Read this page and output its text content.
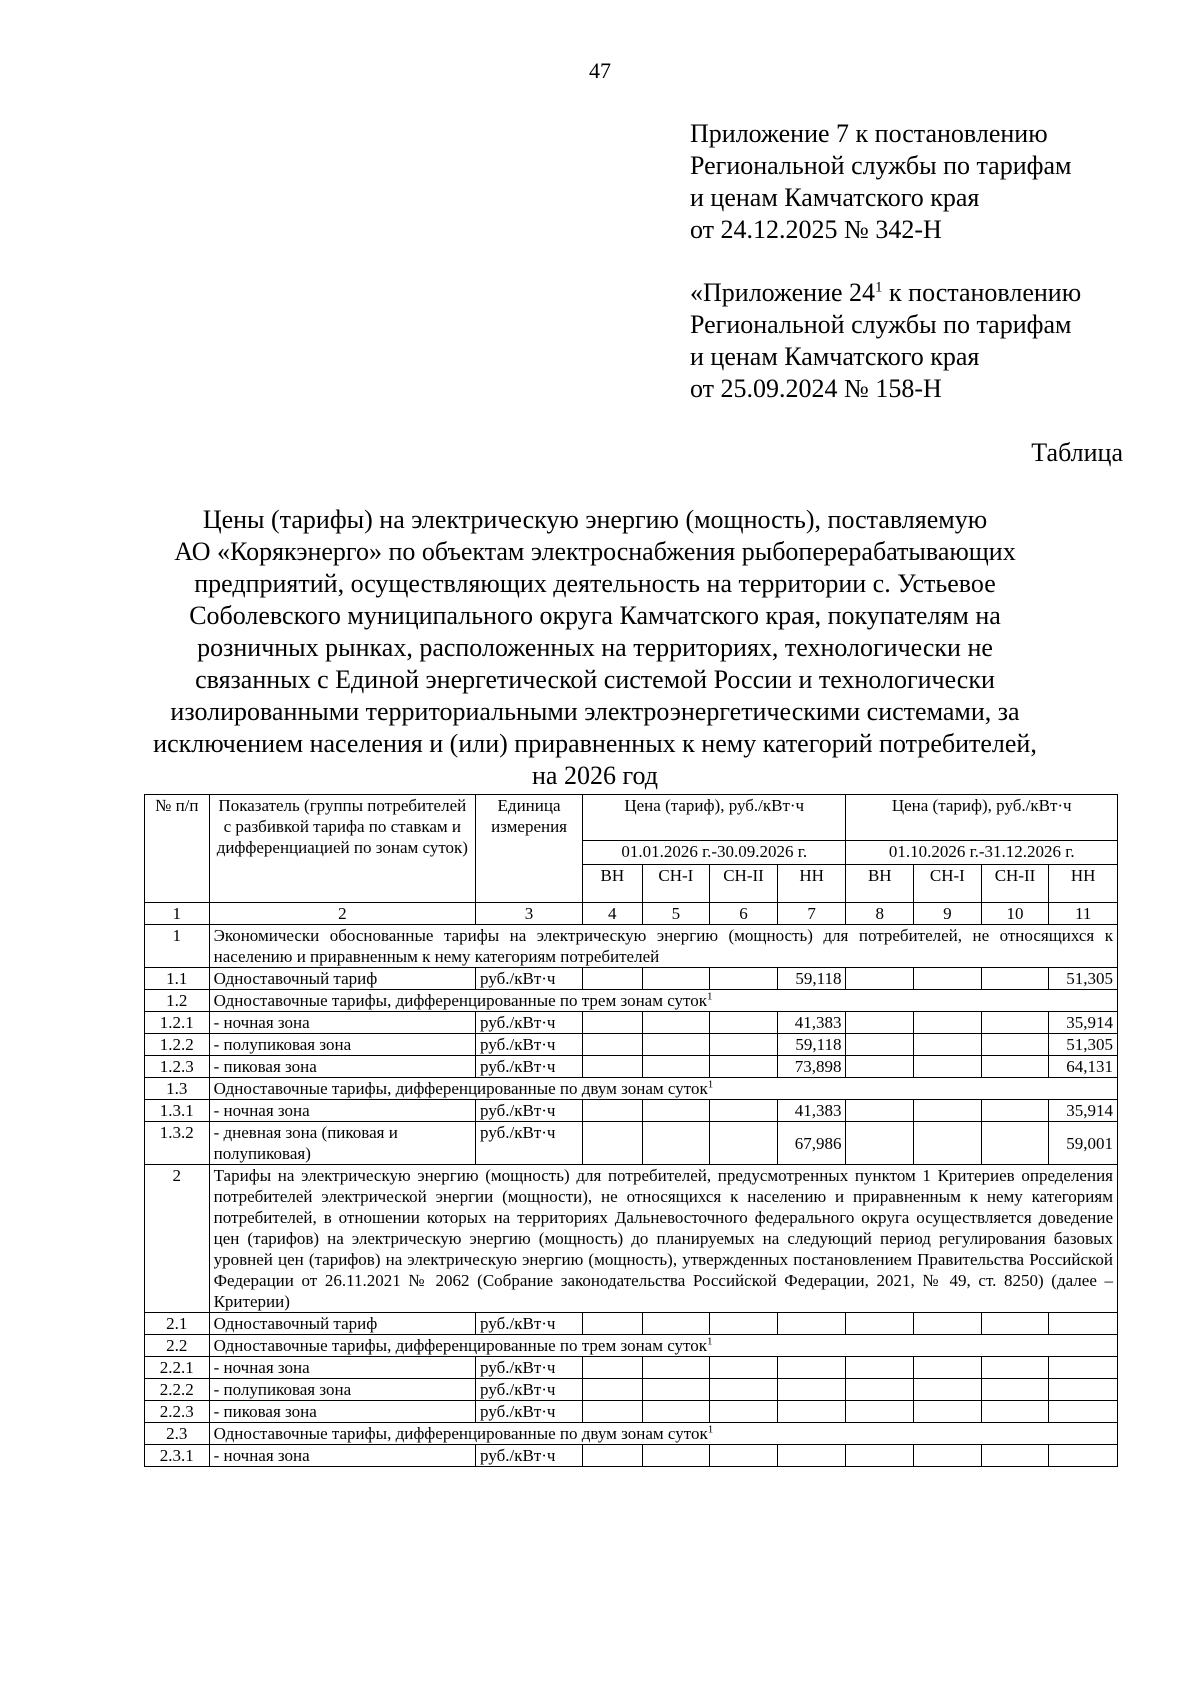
47
Приложение 7 к постановлению
Региональной службы по тарифам
и ценам Камчатского края
от 24.12.2025 № 342-Н
«Приложение $24^1$ к постановлению
Региональной службы по тарифам
и ценам Камчатского края
от 25.09.2024 № 158-Н
Таблица
Цены (тарифы) на электрическую энергию (мощность), поставляемую
АО «Корякэнерго» по объектам электроснабжения рыбоперерабатывающих
предприятий, осуществляющих деятельность на территории с. Устьевое
Соболевского муниципального округа Камчатского края, покупателям на
розничных рынках, расположенных на территориях, технологически не
связанных с Единой энергетической системой России и технологически
изолированными территориальными электроэнергетическими системами, за
исключением населения и (или) приравненных к нему категорий потребителей,
на 2026 год
№ п/п	Показатель (группы потребителей с разбивкой тарифа по ставкам и дифференциацией по зонам суток)	Единица измерения	Цена (тариф), руб./кВт·ч				Цена (тариф), руб./кВт·ч			
			01.01.2026 г.-30.09.2026 г.				01.10.2026 г.-31.12.2026 г.			
			ВН	СН-I	СН-II	НН	ВН	СН-I	СН-II	НН
1	2	3	4	5	6	7	8	9	10	11
1	Экономически обоснованные тарифы на электрическую энергию (мощность) для потребителей, не относящихся к населению и приравненным к нему категориям потребителей									
1.1	Одноставочный тариф	руб./кВт·ч				59,118				51,305
1.2	Одноставочные тарифы, дифференцированные по трем зонам суток$^1$
1.2.1	- ночная зона	руб./кВт·ч				41,383				35,914
1.2.2	- полупиковая зона	руб./кВт·ч				59,118				51,305
1.2.3	- пиковая зона	руб./кВт·ч				73,898				64,131
1.3	Одноставочные тарифы, дифференцированные по двум зонам суток$^1$
1.3.1	- ночная зона	руб./кВт·ч				41,383				35,914
1.3.2	- дневная зона (пиковая и полупиковая)	руб./кВт·ч				67,986				59,001
2	Тарифы на электрическую энергию (мощность) для потребителей, предусмотренных пунктом 1 Критериев определения потребителей электрической энергии (мощности), не относящихся к населению и приравненным к нему категориям потребителей, в отношении которых на территориях Дальневосточного федерального округа осуществляется доведение цен (тарифов) на электрическую энергию (мощность) до планируемых на следующий период регулирования базовых уровней цен (тарифов) на электрическую энергию (мощность), утвержденных постановлением Правительства Российской Федерации от 26.11.2021 № 2062 (Собрание законодательства Российской Федерации, 2021, № 49, ст. 8250) (далее – Критерии)									
2.1	Одноставочный тариф	руб./кВт·ч								
2.2	Одноставочные тарифы, дифференцированные по трем зонам суток$^1$
2.2.1	- ночная зона	руб./кВт·ч								
2.2.2	- полупиковая зона	руб./кВт·ч								
2.2.3	- пиковая зона	руб./кВт·ч								
2.3	Одноставочные тарифы, дифференцированные по двум зонам суток$^1$
2.3.1	- ночная зона	руб./кВт·ч								
